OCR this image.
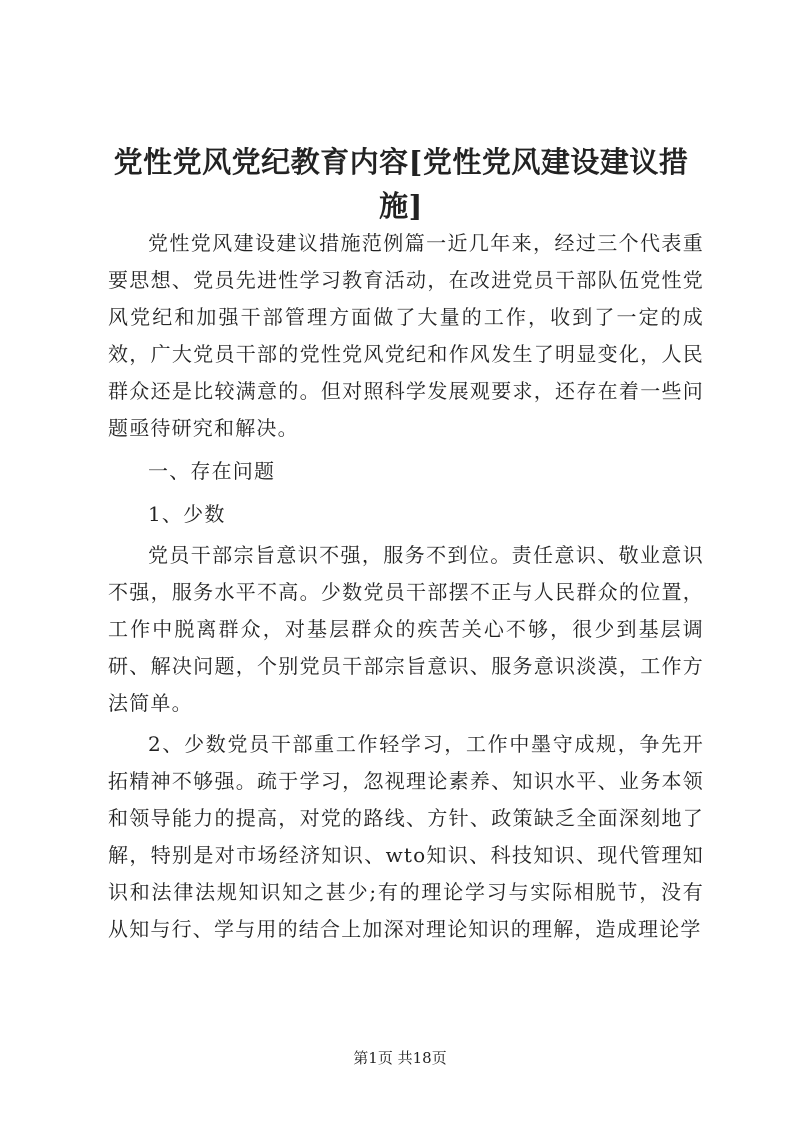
党性党风党纪教育内容[党性党风建设建议措施]

党性党风建设建议措施范例篇一近几年来，经过三个代表重要思想、党员先进性学习教育活动，在改进党员干部队伍党性党风党纪和加强干部管理方面做了大量的工作，收到了一定的成效，广大党员干部的党性党风党纪和作风发生了明显变化，人民群众还是比较满意的。但对照科学发展观要求，还存在着一些问题亟待研究和解决。

一、存在问题

1、少数

党员干部宗旨意识不强，服务不到位。责任意识、敬业意识不强，服务水平不高。少数党员干部摆不正与人民群众的位置，工作中脱离群众，对基层群众的疾苦关心不够，很少到基层调研、解决问题，个别党员干部宗旨意识、服务意识淡漠，工作方法简单。

2、少数党员干部重工作轻学习，工作中墨守成规，争先开拓精神不够强。疏于学习，忽视理论素养、知识水平、业务本领和领导能力的提高，对党的路线、方针、政策缺乏全面深刻地了解，特别是对市场经济知识、wto知识、科技知识、现代管理知识和法律法规知识知之甚少;有的理论学习与实际相脱节，没有从知与行、学与用的结合上加深对理论知识的理解，造成理论学

第1页 共18页
